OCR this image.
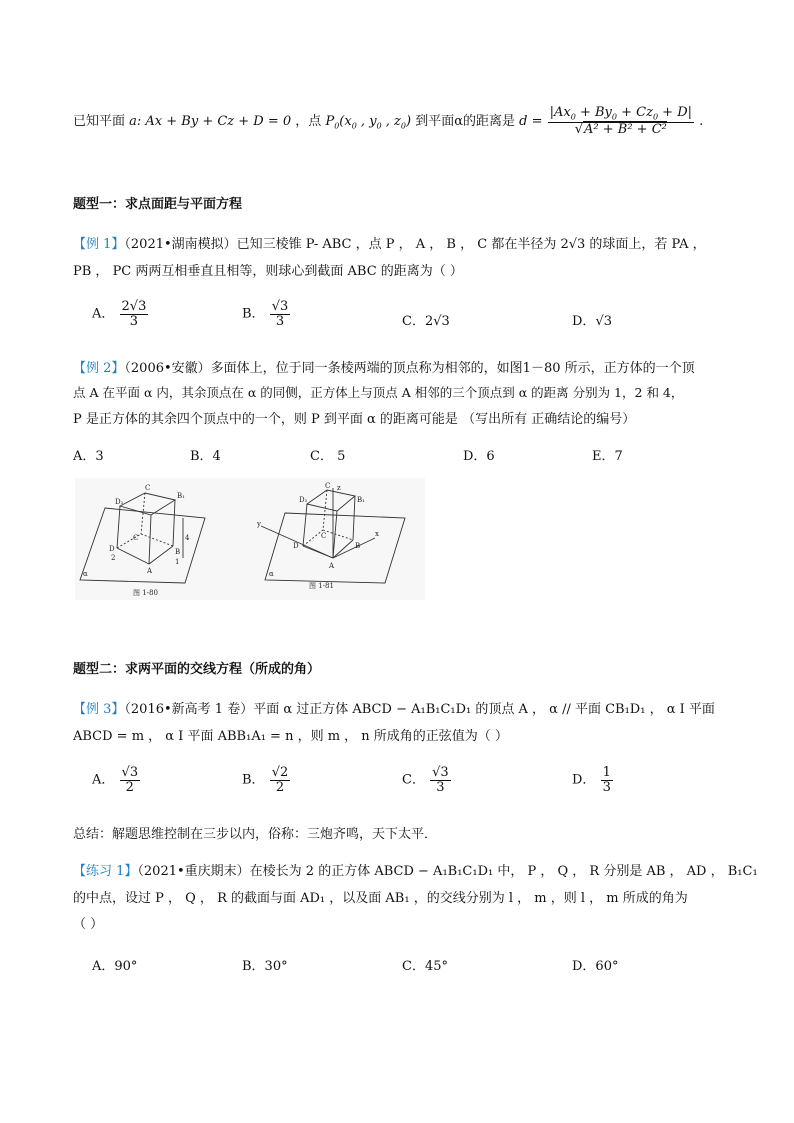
已知平面 a: Ax + By + Cz + D = 0 ，点 $P_0(x_0$ , $y_0$ , $z_0$) 到平面α的距离是 $d = \frac{|Ax_0 + By_0 + Cz_0 + D|}{\text{√A² + B² + C²}}$ .
题型一：求点面距与平面方程
【例 1】（2021•湖南模拟）已知三棱锥 P- ABC ，点 P ， A ， B ， C 都在半径为 2√3 的球面上，若 PA ，
PB ， PC 两两互相垂直且相等，则球心到截面 ABC 的距离为（ ）
A． $\frac{2√3}{3}$	B． $\frac{√3}{3}$	C．2√3	D．√3
【例 2】（2006•安徽）多面体上，位于同一条棱两端的顶点称为相邻的，如图1－80 所示，正方体的一个顶
点 A 在平面 α 内，其余顶点在 α 的同侧，正方体上与顶点 A 相邻的三个顶点到 α 的距离 分别为 1，2 和 4，
P 是正方体的其余四个顶点中的一个，则 P 到平面 α 的距离可能是 （写出所有 正确结论的编号）
A．3	B．4	C． 5	D．6	E．7
D₁
C
B₁
D
C
B
A
2
4
1
α
图 1-80
D₁
C
B₁
z
y
x
D
C
B
A
α
图 1-81
题型二：求两平面的交线方程（所成的角）
【例 3】（2016•新高考 1 卷）平面 α 过正方体 ABCD − A₁B₁C₁D₁ 的顶点 A ， α // 平面 CB₁D₁ ， α I 平面
ABCD = m ， α I 平面 ABB₁A₁ = n ，则 m ， n 所成角的正弦值为（ ）
A． $\frac{√3}{2}$	B． $\frac{√2}{2}$	C． $\frac{√3}{3}$	D． $\frac{1}{3}$
总结：解题思维控制在三步以内，俗称：三炮齐鸣，天下太平．
【练习 1】（2021•重庆期末）在棱长为 2 的正方体 ABCD − A₁B₁C₁D₁ 中， P ， Q ， R 分别是 AB ， AD ， B₁C₁
的中点，设过 P ， Q ， R 的截面与面 AD₁ ，以及面 AB₁ ，的交线分别为 l ， m ，则 l ， m 所成的角为
（ ）
A．90°	B．30°	C．45°	D．60°
